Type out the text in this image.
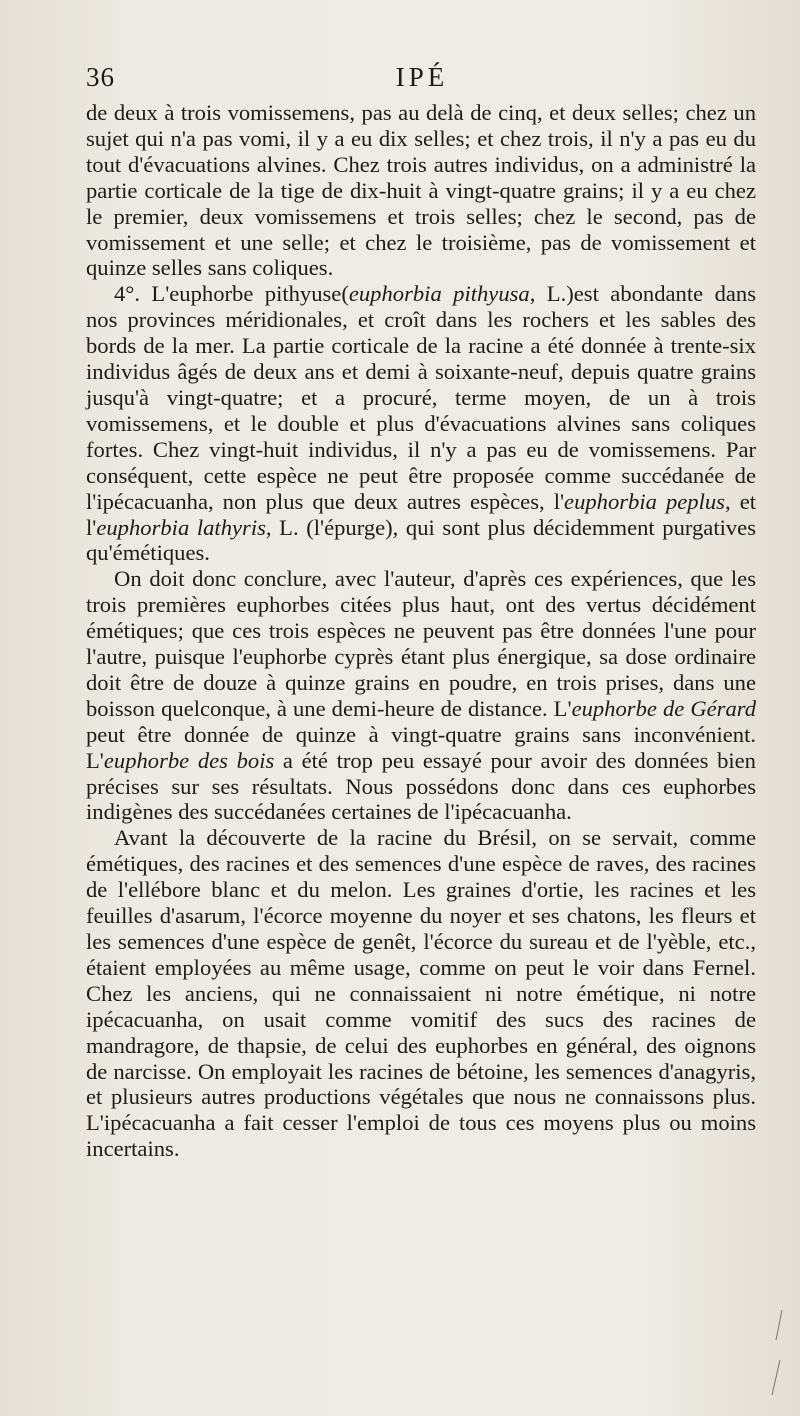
36	IPÉ

de deux à trois vomissemens, pas au delà de cinq, et deux selles; chez un sujet qui n'a pas vomi, il y a eu dix selles; et chez trois, il n'y a pas eu du tout d'évacuations alvines. Chez trois autres individus, on a administré la partie corticale de la tige de dix-huit à vingt-quatre grains; il y a eu chez le premier, deux vomissemens et trois selles; chez le second, pas de vomissement et une selle; et chez le troisième, pas de vomissement et quinze selles sans coliques.

4°. L'euphorbe pithyuse(euphorbia pithyusa, L.)est abondante dans nos provinces méridionales, et croît dans les rochers et les sables des bords de la mer. La partie corticale de la racine a été donnée à trente-six individus âgés de deux ans et demi à soixante-neuf, depuis quatre grains jusqu'à vingt-quatre; et a procuré, terme moyen, de un à trois vomissemens, et le double et plus d'évacuations alvines sans coliques fortes. Chez vingt-huit individus, il n'y a pas eu de vomissemens. Par conséquent, cette espèce ne peut être proposée comme succédanée de l'ipécacuanha, non plus que deux autres espèces, l'euphorbia peplus, et l'euphorbia lathyris, L. (l'épurge), qui sont plus décidemment purgatives qu'émétiques.

On doit donc conclure, avec l'auteur, d'après ces expériences, que les trois premières euphorbes citées plus haut, ont des vertus décidément émétiques; que ces trois espèces ne peuvent pas être données l'une pour l'autre, puisque l'euphorbe cyprès étant plus énergique, sa dose ordinaire doit être de douze à quinze grains en poudre, en trois prises, dans une boisson quelconque, à une demi-heure de distance. L'euphorbe de Gérard peut être donnée de quinze à vingt-quatre grains sans inconvénient. L'euphorbe des bois a été trop peu essayé pour avoir des données bien précises sur ses résultats. Nous possédons donc dans ces euphorbes indigènes des succédanées certaines de l'ipécacuanha.

Avant la découverte de la racine du Brésil, on se servait, comme émétiques, des racines et des semences d'une espèce de raves, des racines de l'ellébore blanc et du melon. Les graines d'ortie, les racines et les feuilles d'asarum, l'écorce moyenne du noyer et ses chatons, les fleurs et les semences d'une espèce de genêt, l'écorce du sureau et de l'yèble, etc., étaient employées au même usage, comme on peut le voir dans Fernel. Chez les anciens, qui ne connaissaient ni notre émétique, ni notre ipécacuanha, on usait comme vomitif des sucs des racines de mandragore, de thapsie, de celui des euphorbes en général, des oignons de narcisse. On employait les racines de bétoine, les semences d'anagyris, et plusieurs autres productions végétales que nous ne connaissons plus. L'ipécacuanha a fait cesser l'emploi de tous ces moyens plus ou moins incertains.
